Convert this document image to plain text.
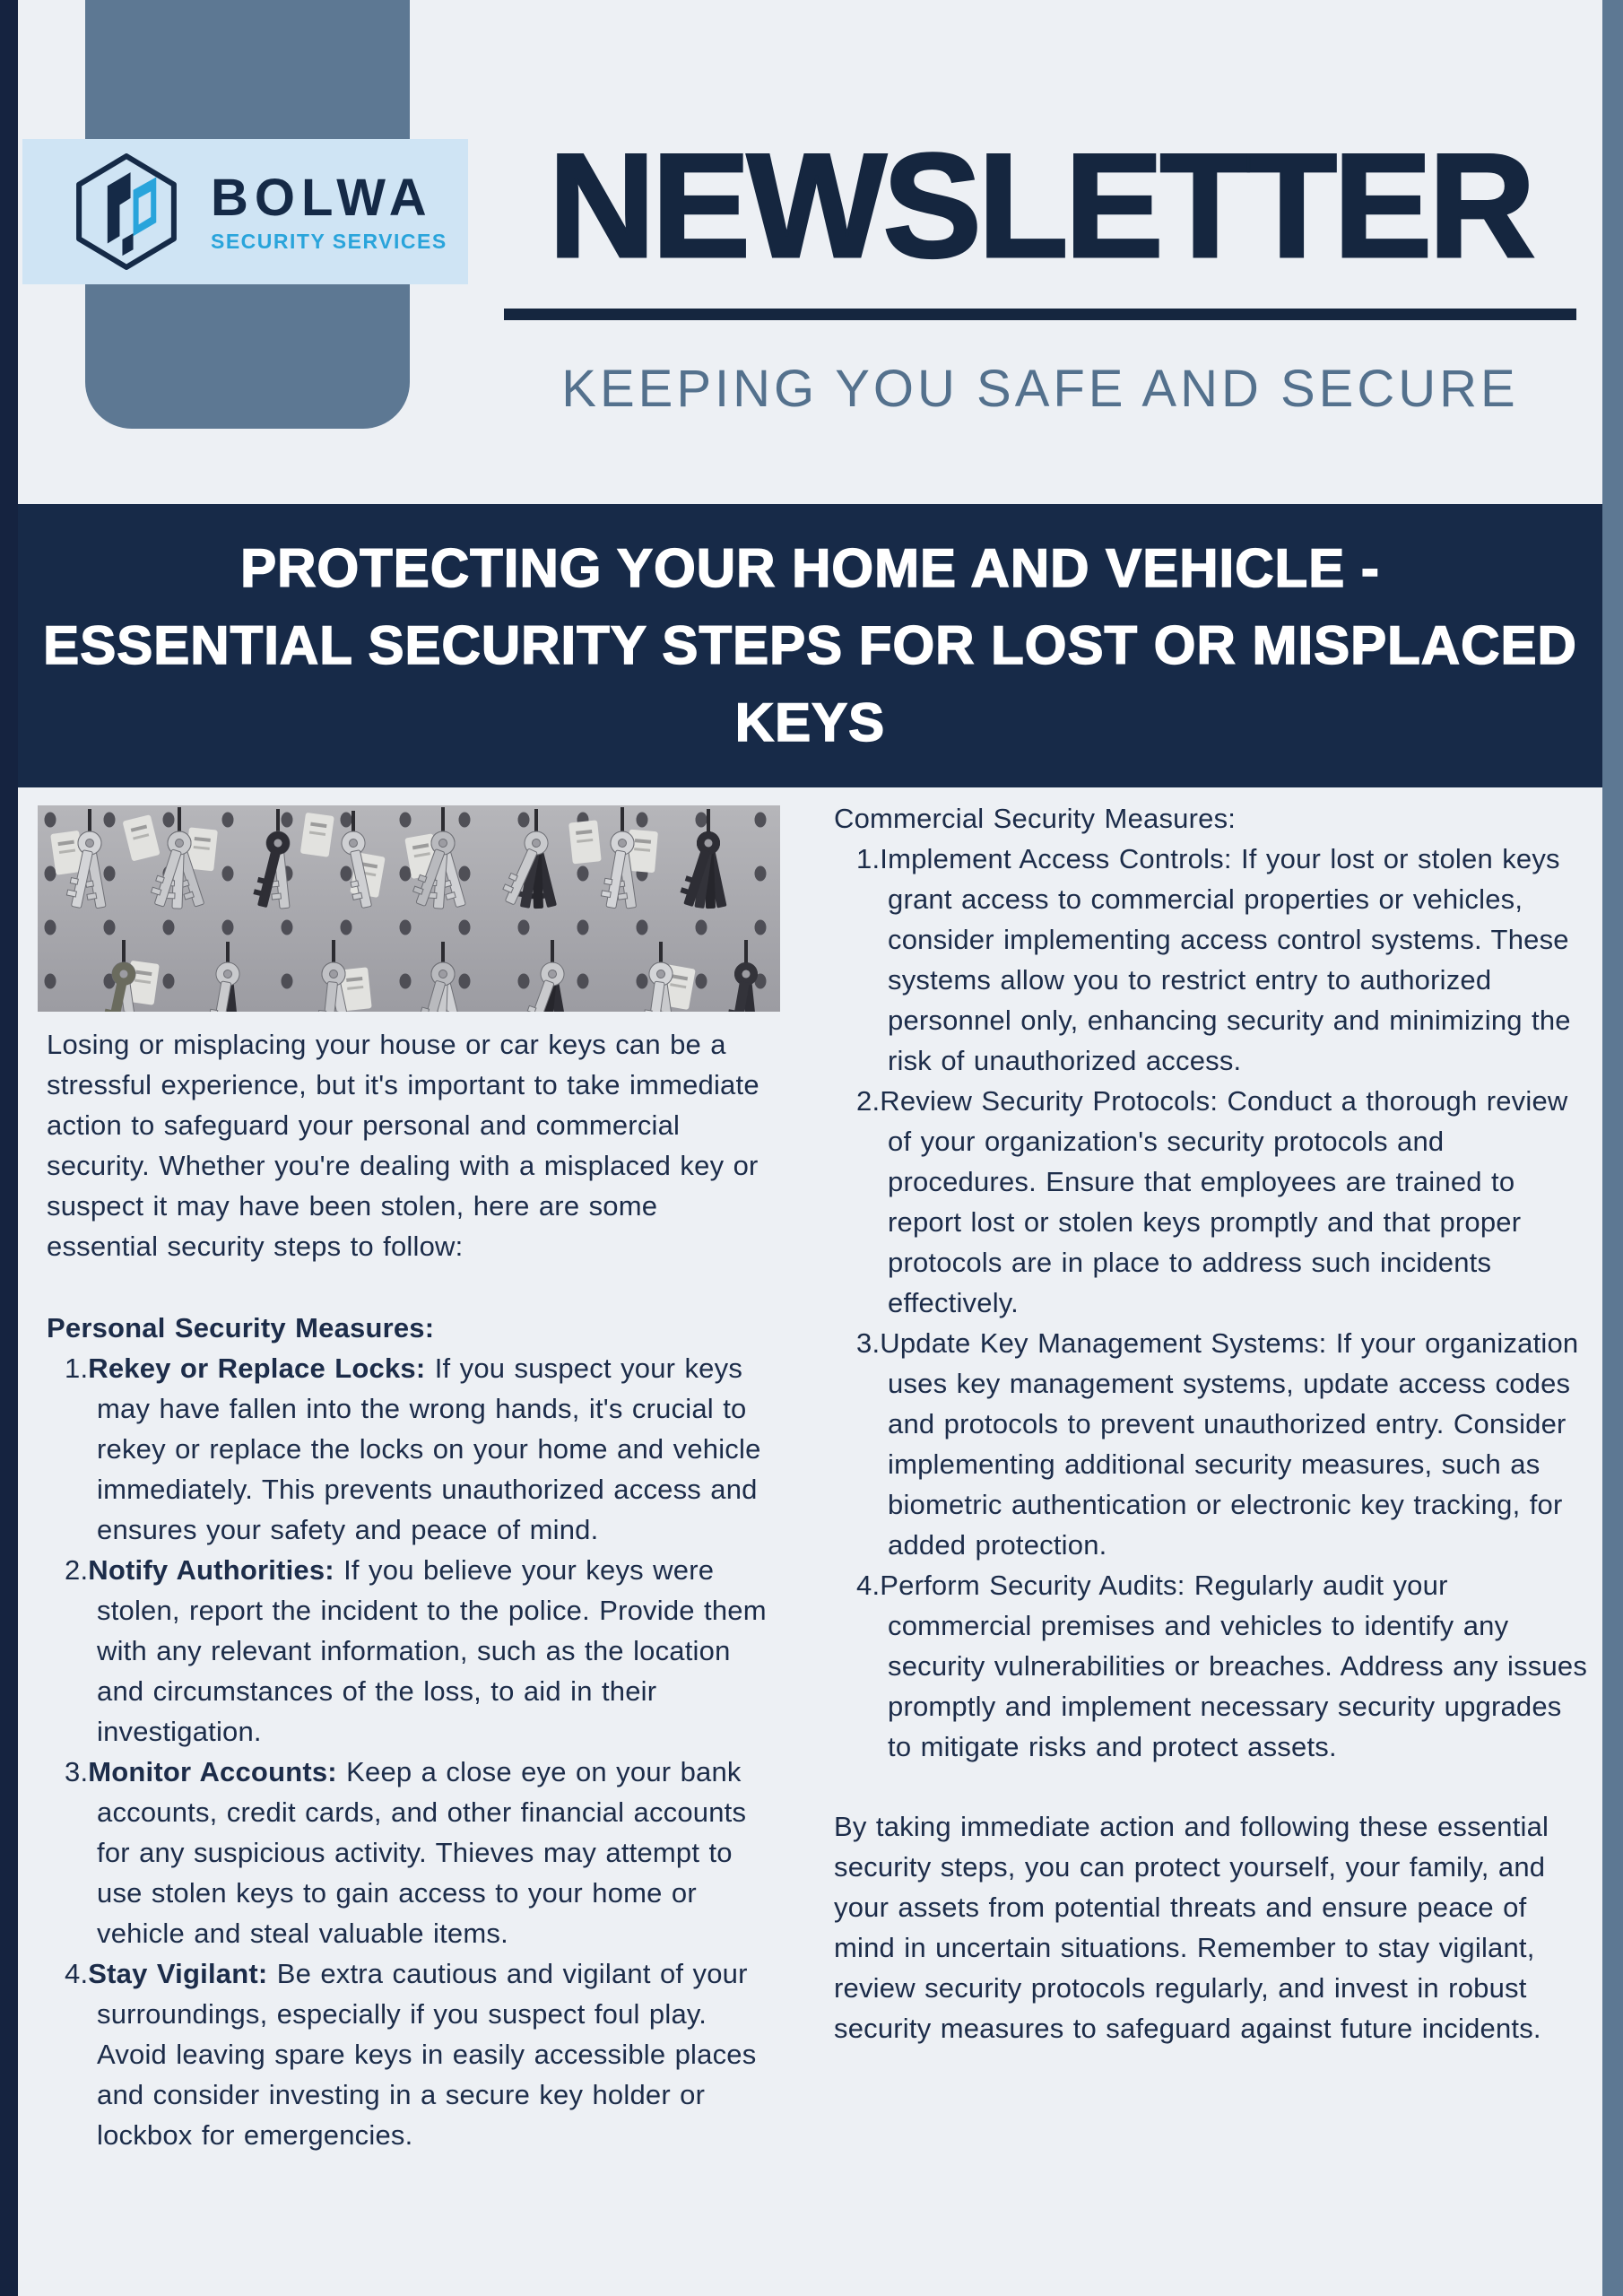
BOLWA
SECURITY SERVICES NEWSLETTER
KEEPING YOU SAFE AND SECURE
PROTECTING YOUR HOME AND VEHICLE -
ESSENTIAL SECURITY STEPS FOR LOST OR MISPLACED
KEYS

Losing or misplacing your house or car keys can be a stressful experience, but it's important to take immediate action to safeguard your personal and commercial security. Whether you're dealing with a misplaced key or suspect it may have been stolen, here are some essential security steps to follow:

Personal Security Measures:
1.Rekey or Replace Locks: If you suspect your keys may have fallen into the wrong hands, it's crucial to rekey or replace the locks on your home and vehicle immediately. This prevents unauthorized access and ensures your safety and peace of mind.
2.Notify Authorities: If you believe your keys were stolen, report the incident to the police. Provide them with any relevant information, such as the location and circumstances of the loss, to aid in their investigation.
3.Monitor Accounts: Keep a close eye on your bank accounts, credit cards, and other financial accounts for any suspicious activity. Thieves may attempt to use stolen keys to gain access to your home or vehicle and steal valuable items.
4.Stay Vigilant: Be extra cautious and vigilant of your surroundings, especially if you suspect foul play. Avoid leaving spare keys in easily accessible places and consider investing in a secure key holder or lockbox for emergencies.
Commercial Security Measures:
1.Implement Access Controls: If your lost or stolen keys grant access to commercial properties or vehicles, consider implementing access control systems. These systems allow you to restrict entry to authorized personnel only, enhancing security and minimizing the risk of unauthorized access.
2.Review Security Protocols: Conduct a thorough review of your organization's security protocols and procedures. Ensure that employees are trained to report lost or stolen keys promptly and that proper protocols are in place to address such incidents effectively.
3.Update Key Management Systems: If your organization uses key management systems, update access codes and protocols to prevent unauthorized entry. Consider implementing additional security measures, such as biometric authentication or electronic key tracking, for added protection.
4.Perform Security Audits: Regularly audit your commercial premises and vehicles to identify any security vulnerabilities or breaches. Address any issues promptly and implement necessary security upgrades to mitigate risks and protect assets.

By taking immediate action and following these essential security steps, you can protect yourself, your family, and your assets from potential threats and ensure peace of mind in uncertain situations. Remember to stay vigilant, review security protocols regularly, and invest in robust security measures to safeguard against future incidents.
